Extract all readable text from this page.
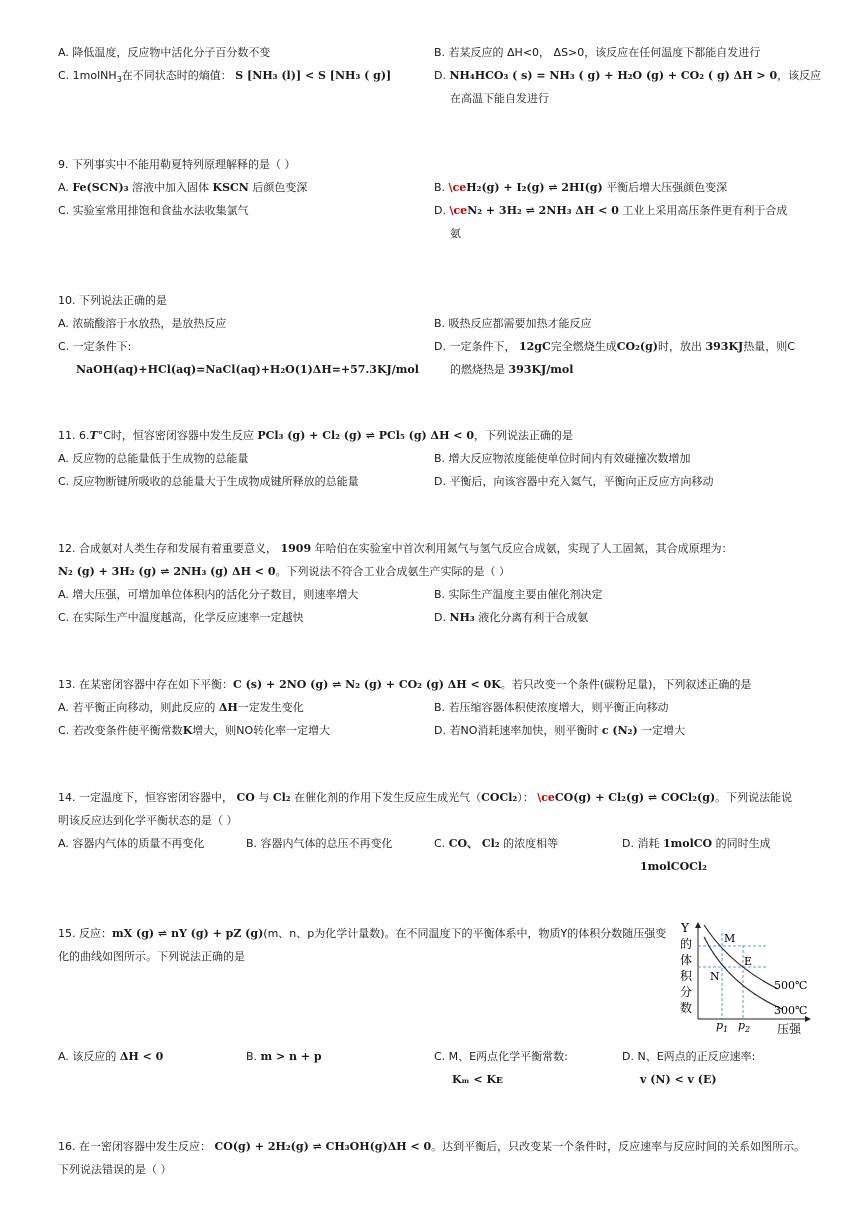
A. 降低温度，反应物中活化分子百分数不变	B. 若某反应的 ΔH<0， ΔS>0，该反应在任何温度下都能自发进行
C. 1molNH$_3$在不同状态时的熵值： S [NH₃ (l)] < S [NH₃ ( g)]	D. NH₄HCO₃ ( s) = NH₃ ( g) + H₂O (g) + CO₂ ( g) ΔH > 0，该反应
在高温下能自发进行
9. 下列事实中不能用勒夏特列原理解释的是（ ）
A. Fe(SCN)₃ 溶液中加入固体 KSCN 后颜色变深	B. \ceH₂(g) + I₂(g) ⇌ 2HI(g) 平衡后增大压强颜色变深
C. 实验室常用排饱和食盐水法收集氯气	D. \ceN₂ + 3H₂ ⇌ 2NH₃ ΔH < 0 工业上采用高压条件更有利于合成
氨
10. 下列说法正确的是
A. 浓硫酸溶于水放热，是放热反应	B. 吸热反应都需要加热才能反应
C. 一定条件下:
NaOH(aq)+HCl(aq)=NaCl(aq)+H₂O(1)ΔH=+57.3KJ/mol
D. 一定条件下， 12gC完全燃烧生成CO₂(g)时，放出 393KJ热量，则C
的燃烧热是 393KJ/mol
11. 6.T°C时，恒容密闭容器中发生反应 PCl₃ (g) + Cl₂ (g) ⇌ PCl₅ (g) ΔH < 0，下列说法正确的是
A. 反应物的总能量低于生成物的总能量	B. 增大反应物浓度能使单位时间内有效碰撞次数增加
C. 反应物断键所吸收的总能量大于生成物成键所释放的总能量	D. 平衡后，向该容器中充入氦气，平衡向正反应方向移动
12. 合成氨对人类生存和发展有着重要意义， 1909 年哈伯在实验室中首次利用氮气与氢气反应合成氨，实现了人工固氮，其合成原理为：
N₂ (g) + 3H₂ (g) ⇌ 2NH₃ (g) ΔH < 0。下列说法不符合工业合成氨生产实际的是（ ）
A. 增大压强，可增加单位体积内的活化分子数目，则速率增大	B. 实际生产温度主要由催化剂决定
C. 在实际生产中温度越高，化学反应速率一定越快	D. NH₃ 液化分离有利于合成氨
13. 在某密闭容器中存在如下平衡：C (s) + 2NO (g) ⇌ N₂ (g) + CO₂ (g) ΔH < 0K。若只改变一个条件(碳粉足量)，下列叙述正确的是
A. 若平衡正向移动，则此反应的 ΔH一定发生变化	B. 若压缩容器体积使浓度增大，则平衡正向移动
C. 若改变条件使平衡常数K增大，则NO转化率一定增大	D. 若NO消耗速率加快，则平衡时 c (N₂) 一定增大
14. 一定温度下，恒容密闭容器中， CO 与 Cl₂ 在催化剂的作用下发生反应生成光气（COCl₂）： \ceCO(g) + Cl₂(g) ⇌ COCl₂(g)。下列说法能说
明该反应达到化学平衡状态的是（ ）
A. 容器内气体的质量不再变化	B. 容器内气体的总压不再变化	C. CO、 Cl₂ 的浓度相等	D. 消耗 1molCO 的同时生成
1molCOCl₂
15. 反应：mX (g) ⇌ nY (g) + pZ (g)(m、n、p为化学计量数)。在不同温度下的平衡体系中，物质Y的体积分数随压强变
化的曲线如图所示。下列说法正确的是
Y
的
体
积
分
数
M
N
E
500℃
300℃
$p_1$ $p_2$ 压强
A. 该反应的 ΔH < 0	B. m > n + p	C. M、E两点化学平衡常数:
Kₘ < Kᴇ
D. N、E两点的正反应速率:
v (N) < v (E)
16. 在一密闭容器中发生反应： CO(g) + 2H₂(g) ⇌ CH₃OH(g)ΔH < 0。达到平衡后，只改变某一个条件时，反应速率与反应时间的关系如图所示。
下列说法错误的是（ ）
